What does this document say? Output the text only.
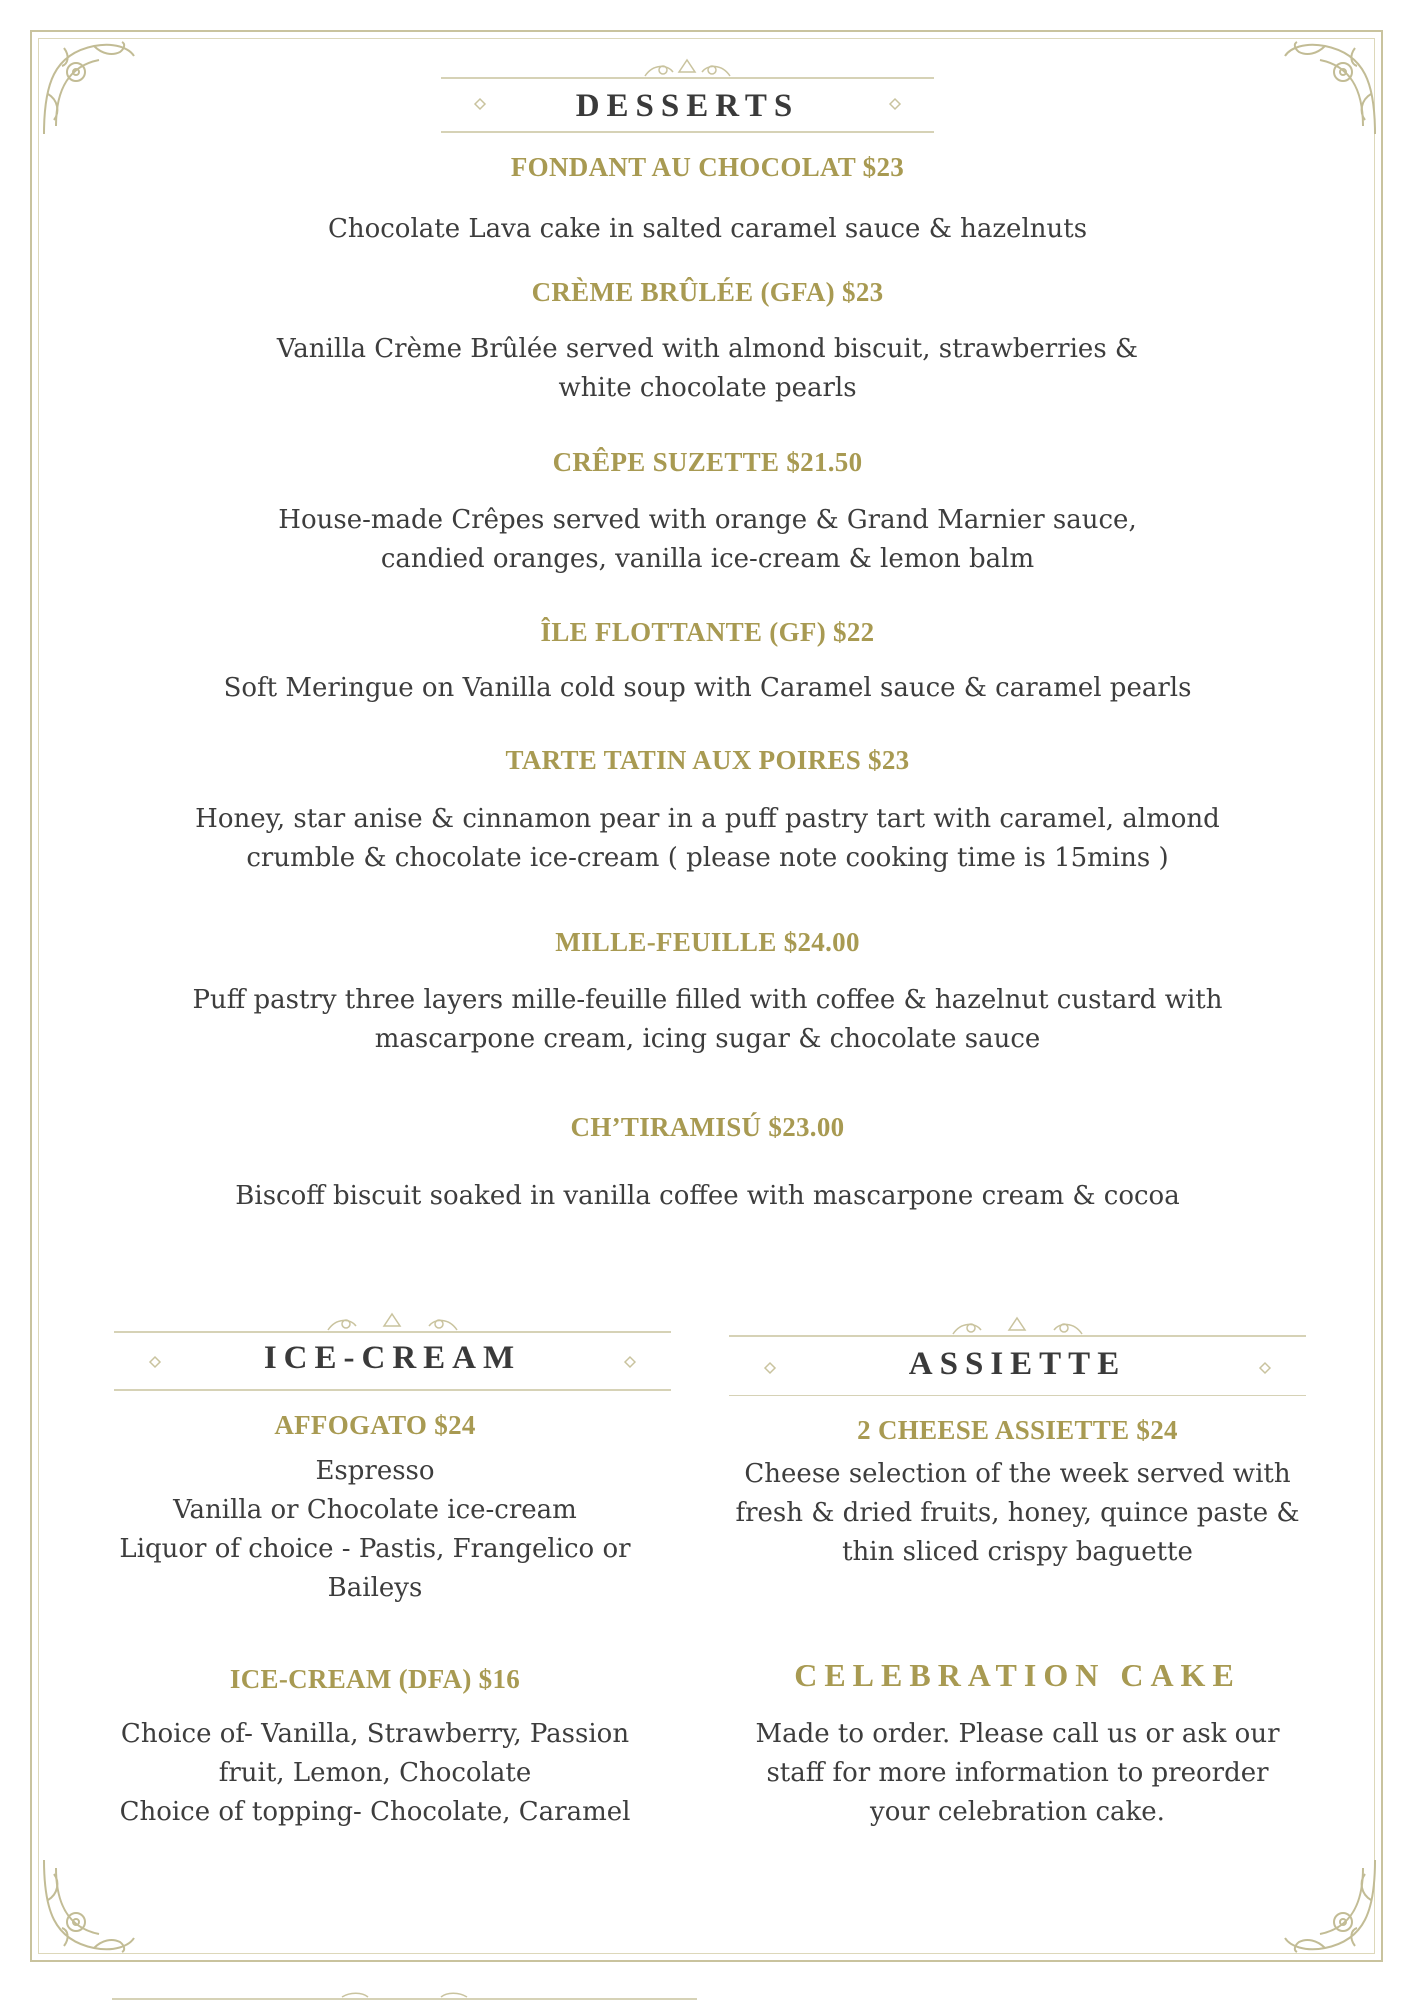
DESSERTS
FONDANT AU CHOCOLAT $23
Chocolate Lava cake in salted caramel sauce & hazelnuts
CRÈME BRÛLÉE (GFA) $23
Vanilla Crème Brûlée served with almond biscuit, strawberries &
white chocolate pearls
CRÊPE SUZETTE $21.50
House-made Crêpes served with orange & Grand Marnier sauce,
candied oranges, vanilla ice-cream & lemon balm
ÎLE FLOTTANTE (GF) $22
Soft Meringue on Vanilla cold soup with Caramel sauce & caramel pearls
TARTE TATIN AUX POIRES $23
Honey, star anise & cinnamon pear in a puff pastry tart with caramel, almond
crumble & chocolate ice-cream ( please note cooking time is 15mins )
MILLE-FEUILLE $24.00
Puff pastry three layers mille-feuille filled with coffee & hazelnut custard with
mascarpone cream, icing sugar & chocolate sauce
CH’TIRAMISÚ $23.00
Biscoff biscuit soaked in vanilla coffee with mascarpone cream & cocoa
ICE-CREAM	ASSIETTE
AFFOGATO $24
Espresso
Vanilla or Chocolate ice-cream
Liquor of choice - Pastis, Frangelico or
Baileys
ICE-CREAM (DFA) $16
Choice of- Vanilla, Strawberry, Passion
fruit, Lemon, Chocolate
Choice of topping- Chocolate, Caramel
2 CHEESE ASSIETTE $24
Cheese selection of the week served with
fresh & dried fruits, honey, quince paste &
thin sliced crispy baguette
CELEBRATION CAKE
Made to order. Please call us or ask our
staff for more information to preorder
your celebration cake.
